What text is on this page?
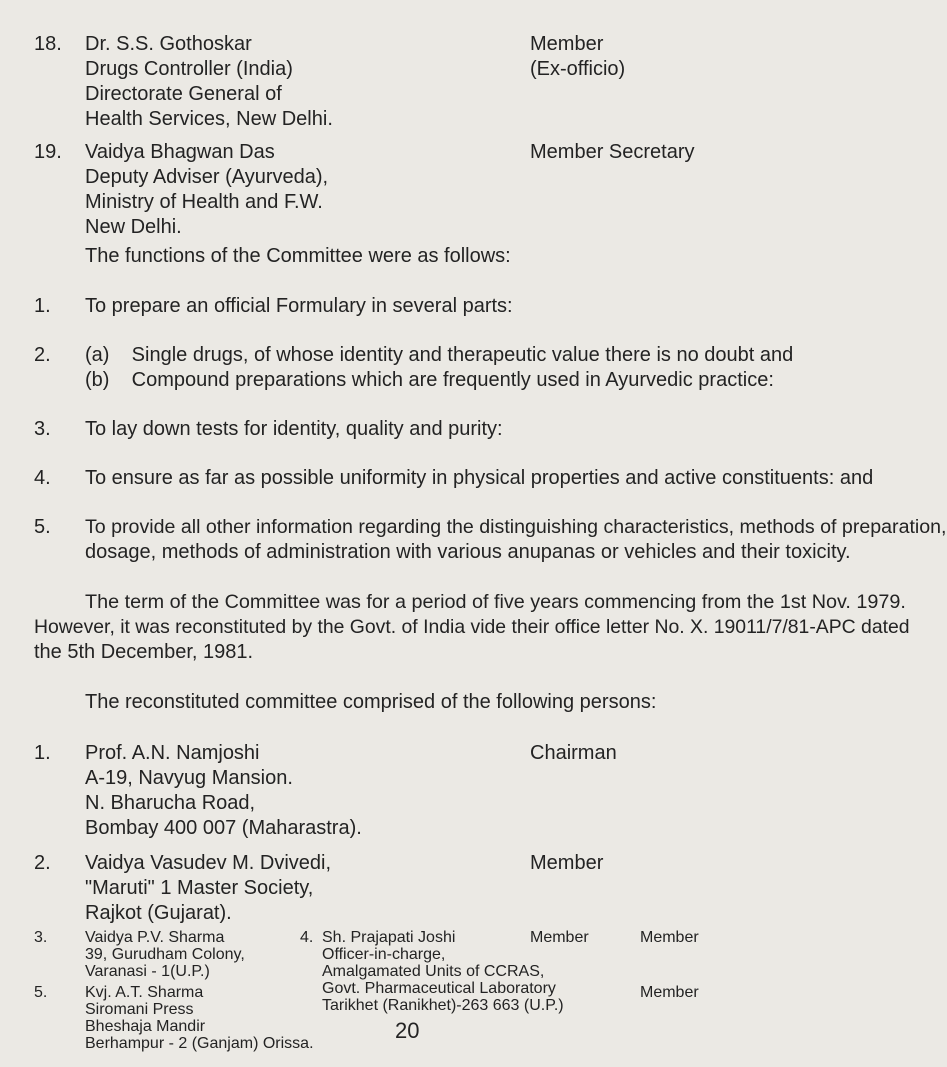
18. Dr. S.S. Gothoskar
Drugs Controller (India)
Directorate General of
Health Services, New Delhi.
Member
(Ex-officio)
19. Vaidya Bhagwan Das
Deputy Adviser (Ayurveda),
Ministry of Health and F.W.
New Delhi.
Member Secretary
The functions of the Committee were as follows:
1. To prepare an official Formulary in several parts:
2. (a)    Single drugs, of whose identity and therapeutic value there is no doubt and
(b)    Compound preparations which are frequently used in Ayurvedic practice:
3. To lay down tests for identity, quality and purity:
4. To ensure as far as possible uniformity in physical properties and active constituents: and
5. To provide all other information regarding the distinguishing characteristics, methods of preparation,
dosage, methods of administration with various anupanas or vehicles and their toxicity.
The term of the Committee was for a period of five years commencing from the 1st Nov. 1979.
However, it was reconstituted by the Govt. of India vide their office letter No. X. 19011/7/81-APC dated
the 5th December, 1981.
The reconstituted committee comprised of the following persons:
1. Prof. A.N. Namjoshi
A-19, Navyug Mansion.
N. Bharucha Road,
Bombay 400 007 (Maharastra).
Chairman
2. Vaidya Vasudev M. Dvivedi,
"Maruti" 1 Master Society,
Rajkot (Gujarat).
Member
20
3. Vaidya P.V. Sharma
39, Gurudham Colony,
Varanasi - 1(U.P.)
Member
4. Sh. Prajapati Joshi
Officer-in-charge,
Amalgamated Units of CCRAS,
Govt. Pharmaceutical Laboratory
Tarikhet (Ranikhet)-263 663 (U.P.)
Member
5. Kvj. A.T. Sharma
Siromani Press
Bheshaja Mandir
Berhampur - 2 (Ganjam) Orissa.
Member
